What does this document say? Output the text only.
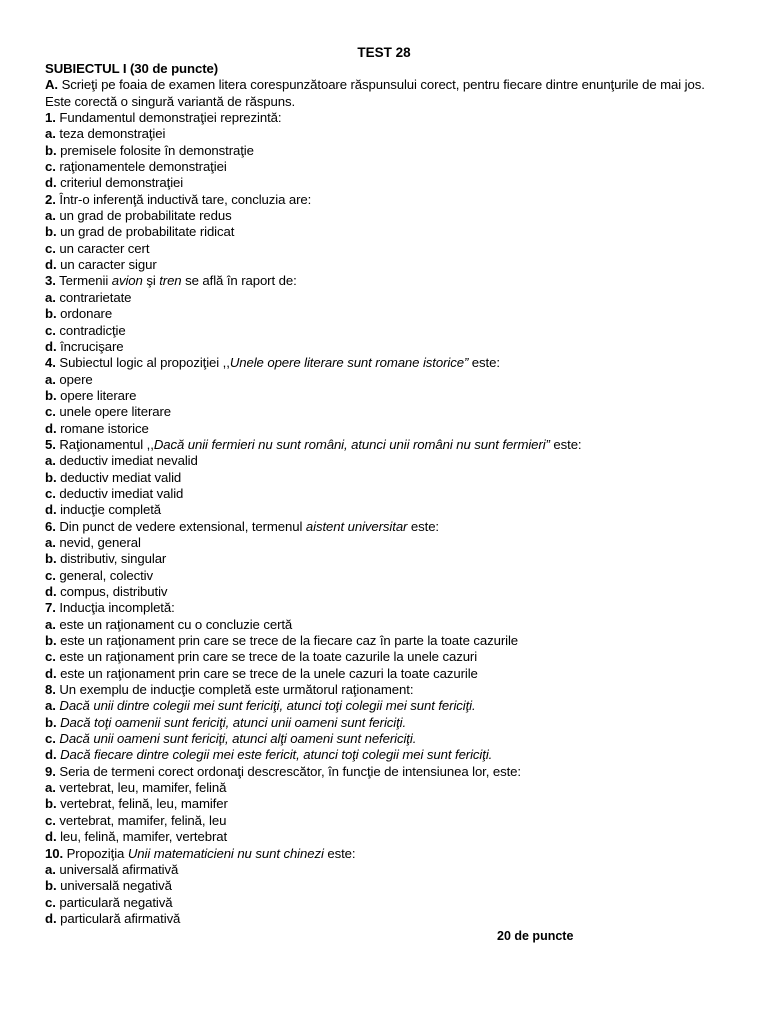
TEST 28
SUBIECTUL I (30 de puncte)
A. Scrieţi pe foaia de examen litera corespunzătoare răspunsului corect, pentru fiecare dintre enunţurile de mai jos.
Este corectă o singură variantă de răspuns.
1. Fundamentul demonstraţiei reprezintă:
a. teza demonstraţiei
b. premisele folosite în demonstraţie
c. raţionamentele demonstraţiei
d. criteriul demonstraţiei
2. Într-o inferenţă inductivă tare, concluzia are:
a. un grad de probabilitate redus
b. un grad de probabilitate ridicat
c. un caracter cert
d. un caracter sigur
3. Termenii avion şi tren se află în raport de:
a. contrarietate
b. ordonare
c. contradicţie
d. încrucişare
4. Subiectul logic al propoziţiei ,,Unele opere literare sunt romane istorice” este:
a. opere
b. opere literare
c. unele opere literare
d. romane istorice
5. Raţionamentul ,,Dacă unii fermieri nu sunt români, atunci unii români nu sunt fermieri” este:
a. deductiv imediat nevalid
b. deductiv mediat valid
c. deductiv imediat valid
d. inducţie completă
6. Din punct de vedere extensional, termenul aistent universitar este:
a. nevid, general
b. distributiv, singular
c. general, colectiv
d. compus, distributiv
7. Inducţia incompletă:
a. este un raţionament cu o concluzie certă
b. este un raţionament prin care se trece de la fiecare caz în parte la toate cazurile
c. este un raţionament prin care se trece de la toate cazurile la unele cazuri
d. este un raţionament prin care se trece de la unele cazuri la toate cazurile
8. Un exemplu de inducţie completă este următorul raţionament:
a. Dacă unii dintre colegii mei sunt fericiţi, atunci toţi colegii mei sunt fericiţi.
b. Dacă toţi oamenii sunt fericiţi, atunci unii oameni sunt fericiţi.
c. Dacă unii oameni sunt fericiţi, atunci alţi oameni sunt nefericiţi.
d. Dacă fiecare dintre colegii mei este fericit, atunci toţi colegii mei sunt fericiţi.
9. Seria de termeni corect ordonaţi descrescător, în funcţie de intensiunea lor, este:
a. vertebrat, leu, mamifer, felină
b. vertebrat, felină, leu, mamifer
c. vertebrat, mamifer, felină, leu
d. leu, felină, mamifer, vertebrat
10. Propoziţia Unii matematicieni nu sunt chinezi este:
a. universală afirmativă
b. universală negativă
c. particulară negativă
d. particulară afirmativă
20 de puncte
